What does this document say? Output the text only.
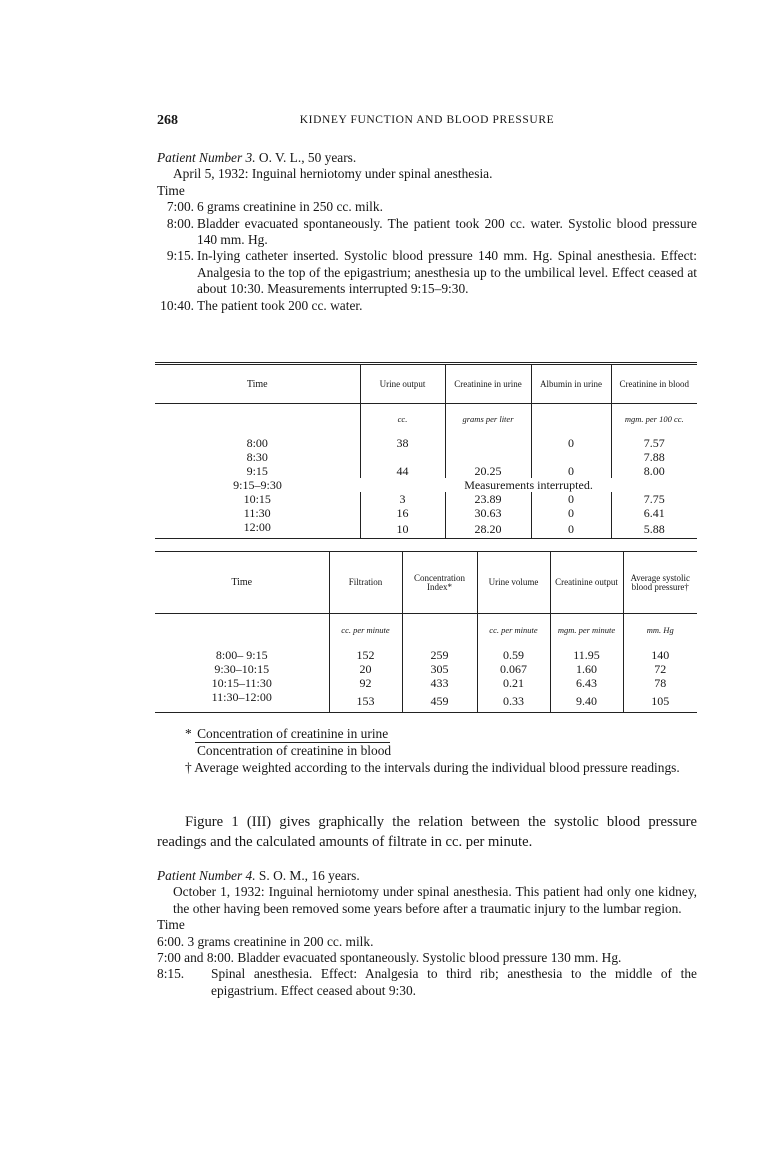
268	KIDNEY FUNCTION AND BLOOD PRESSURE
Patient Number 3. O. V. L., 50 years.
April 5, 1932: Inguinal herniotomy under spinal anesthesia.
Time
7:00. 6 grams creatinine in 250 cc. milk.
8:00. Bladder evacuated spontaneously. The patient took 200 cc. water. Systolic blood pressure 140 mm. Hg.
9:15. In-lying catheter inserted. Systolic blood pressure 140 mm. Hg. Spinal anesthesia. Effect: Analgesia to the top of the epigastrium; anesthesia up to the umbilical level. Effect ceased at about 10:30. Measurements interrupted 9:15–9:30.
10:40. The patient took 200 cc. water.
Time	Urine output	Creatinine in urine	Albumin in urine	Creatinine in blood
	cc.	grams per liter		mgm. per 100 cc.
8:00	38		0	7.57
8:30				7.88
9:15	44	20.25	0	8.00
9:15–9:30	Measurements interrupted.			
10:15	3	23.89	0	7.75
11:30	16	30.63	0	6.41
12:00	10	28.20	0	5.88
Time	Filtration	Concentration Index*	Urine volume	Creatinine output	Average systolic blood pressure†
	cc. per minute		cc. per minute	mgm. per minute	mm. Hg
8:00– 9:15	152	259	0.59	11.95	140
9:30–10:15	20	305	0.067	1.60	72
10:15–11:30	92	433	0.21	6.43	78
11:30–12:00	153	459	0.33	9.40	105
* Concentration of creatinine in urine
Concentration of creatinine in blood
† Average weighted according to the intervals during the individual blood pressure readings.
Figure 1 (III) gives graphically the relation between the systolic blood pressure readings and the calculated amounts of filtrate in cc. per minute.
Patient Number 4. S. O. M., 16 years.
October 1, 1932: Inguinal herniotomy under spinal anesthesia. This patient had only one kidney, the other having been removed some years before after a traumatic injury to the lumbar region.
Time
6:00. 3 grams creatinine in 200 cc. milk.
7:00 and 8:00. Bladder evacuated spontaneously. Systolic blood pressure 130 mm. Hg.
8:15.	Spinal anesthesia. Effect: Analgesia to third rib; anesthesia to the middle of the epigastrium. Effect ceased about 9:30.
